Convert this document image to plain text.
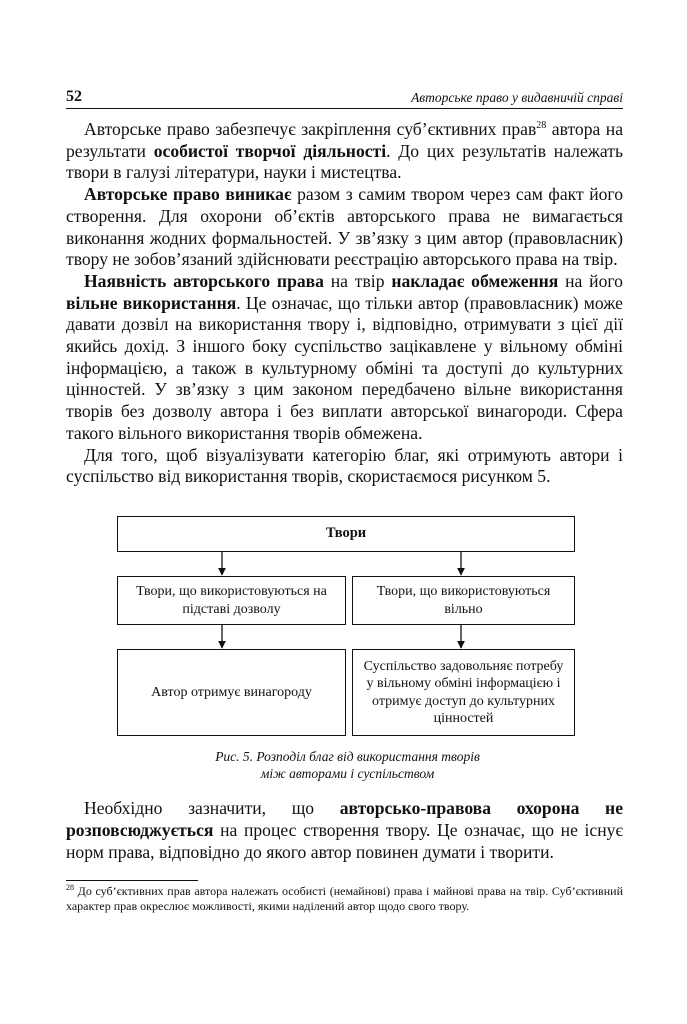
52	Авторське право у видавничій справі

Авторське право забезпечує закріплення суб’єктивних прав$^{28}$ автора на результати особистої творчої діяльності. До цих результатів належать твори в галузі літератури, науки і мистецтва.

Авторське право виникає разом з самим твором через сам факт його створення. Для охорони об’єктів авторського права не вимагається виконання жодних формальностей. У зв’язку з цим автор (правовласник) твору не зобов’язаний здійснювати реєстрацію авторського права на твір.

Наявність авторського права на твір накладає обмеження на його вільне використання. Це означає, що тільки автор (правовласник) може давати дозвіл на використання твору і, відповідно, отримувати з цієї дії якийсь дохід. З іншого боку суспільство зацікавлене у вільному обміні інформацією, а також в культурному обміні та доступі до культурних цінностей. У зв’язку з цим законом передбачено вільне використання творів без дозволу автора і без виплати авторської винагороди. Сфера такого вільного використання творів обмежена.

Для того, щоб візуалізувати категорію благ, які отримують автори і суспільство від використання творів, скористаємося рисунком 5.

Твори
Твори, що використовуються на підставі дозволу
Твори, що використовуються вільно
Автор отримує винагороду
Суспільство задовольняє потребу у вільному обміні інформацією і отримує доступ до культурних цінностей
Рис. 5. Розподіл благ від використання творів
між авторами і суспільством

Необхідно зазначити, що авторсько-правова охорона не розповсюджується на процес створення твору. Це означає, що не існує норм права, відповідно до якого автор повинен думати і творити.

$^{28}$ До суб’єктивних прав автора належать особисті (немайнові) права і майнові права на твір. Суб’єктивний характер прав окреслює можливості, якими наділений автор щодо свого твору.
